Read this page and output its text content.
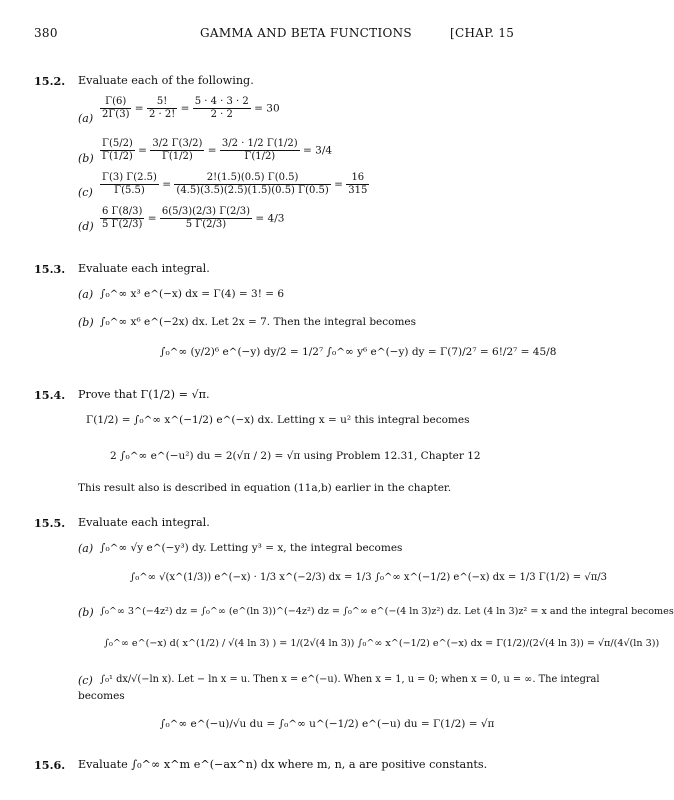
380	GAMMA AND BETA FUNCTIONS	[CHAP. 15
15.2. Evaluate each of the following.
$(a) \frac{\Gamma(6)}{2\Gamma(3)} = \frac{5!}{2 \cdot 2!} = \frac{5 \cdot 4 \cdot 3 \cdot 2}{2 \cdot 2} = 30$
$(b) \frac{\Gamma(5/2)}{\Gamma(1/2)} = \frac{3/2 \Gamma(3/2)}{\Gamma(1/2)} = \frac{3/2 \cdot 1/2 \Gamma(1/2)}{\Gamma(1/2)} = 3/4$
$(c) \frac{\Gamma(3) \Gamma(2.5)}{\Gamma(5.5)} = \frac{2!(1.5)(0.5) \Gamma(0.5)}{(4.5)(3.5)(2.5)(1.5)(0.5) \Gamma(0.5)} = \frac{16}{315}$
$(d) \frac{6 \Gamma(8/3)}{5 \Gamma(2/3)} = \frac{6(5/3)(2/3) \Gamma(2/3)}{5 \Gamma(2/3)} = 4/3$
15.3. Evaluate each integral.
(a) ∫₀^∞ x³ e^(−x) dx = Γ(4) = 3! = 6
(b) ∫₀^∞ x⁶ e^(−2x) dx. Let 2x = 7. Then the integral becomes
∫₀^∞ (y/2)⁶ e^(−y) dy/2 = 1/2⁷ ∫₀^∞ y⁶ e^(−y) dy = Γ(7)/2⁷ = 6!/2⁷ = 45/8
15.4. Prove that Γ(1/2) = √π.
Γ(1/2) = ∫₀^∞ x^(−1/2) e^(−x) dx. Letting x = u² this integral becomes
2 ∫₀^∞ e^(−u²) du = 2(√π / 2) = √π using Problem 12.31, Chapter 12
This result also is described in equation (11a,b) earlier in the chapter.
15.5. Evaluate each integral.
(a) ∫₀^∞ √y e^(−y³) dy. Letting y³ = x, the integral becomes
∫₀^∞ √(x^(1/3)) e^(−x) · 1/3 x^(−2/3) dx = 1/3 ∫₀^∞ x^(−1/2) e^(−x) dx = 1/3 Γ(1/2) = √π/3
(b) ∫₀^∞ 3^(−4z²) dz = ∫₀^∞ (e^(ln 3))^(−4z²) dz = ∫₀^∞ e^(−(4 ln 3)z²) dz. Let (4 ln 3)z² = x and the integral becomes
∫₀^∞ e^(−x) d( x^(1/2) / √(4 ln 3) ) = 1/(2√(4 ln 3)) ∫₀^∞ x^(−1/2) e^(−x) dx = Γ(1/2)/(2√(4 ln 3)) = √π/(4√(ln 3))
(c) ∫₀¹ dx/√(−ln x). Let − ln x = u. Then x = e^(−u). When x = 1, u = 0; when x = 0, u = ∞. The integral
becomes
∫₀^∞ e^(−u)/√u du = ∫₀^∞ u^(−1/2) e^(−u) du = Γ(1/2) = √π
15.6. Evaluate ∫₀^∞ x^m e^(−ax^n) dx where m, n, a are positive constants.
